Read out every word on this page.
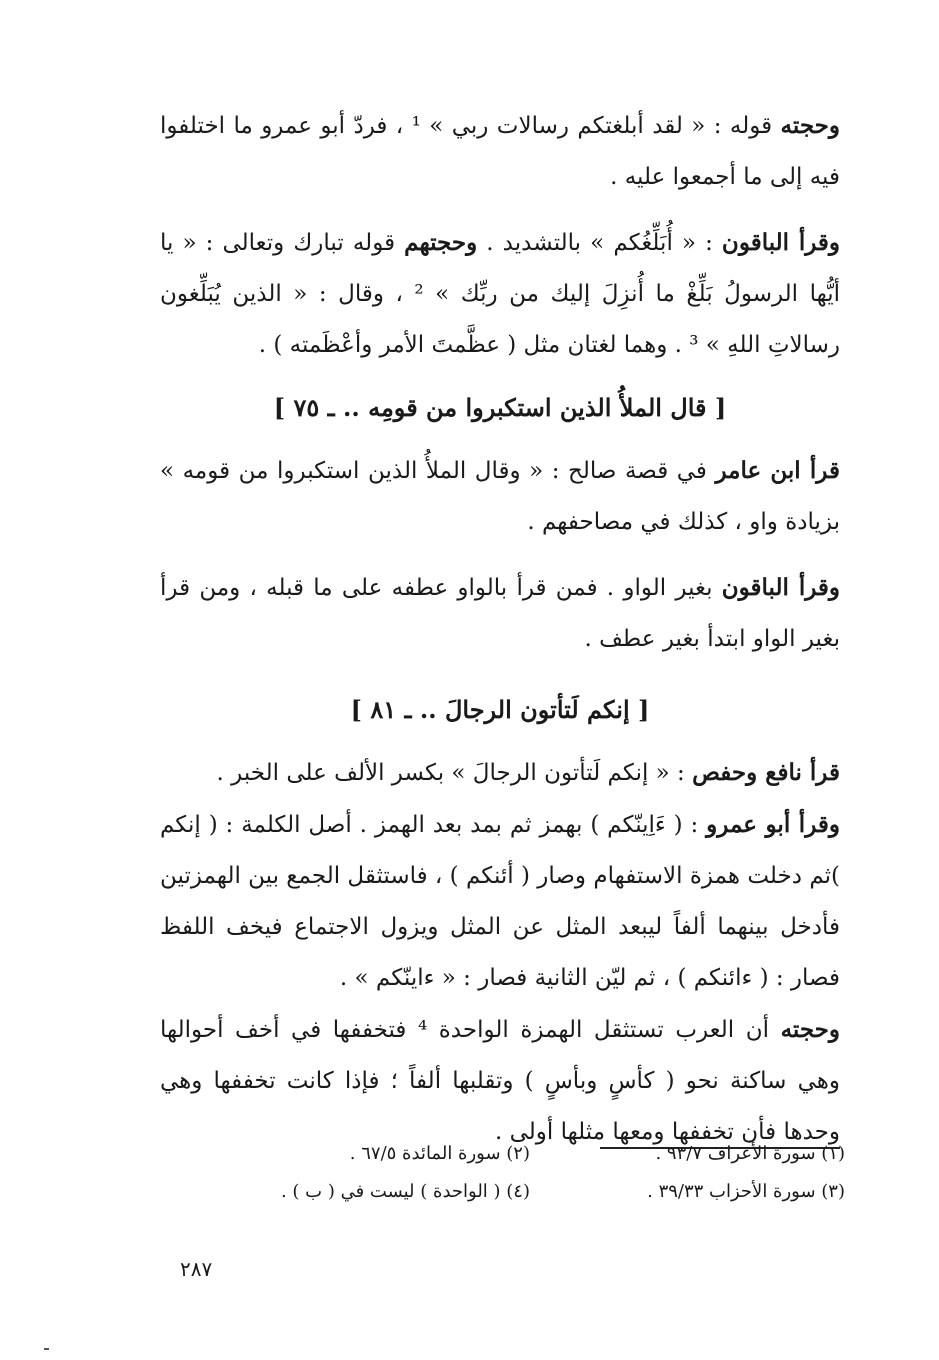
وحجته قوله : « لقد أبلغتكم رسالات ربي » ¹ ، فردّ أبو عمرو ما اختلفوا فيه إلى ما أجمعوا عليه .

وقرأ الباقون : « أُبَلِّغُكم » بالتشديد . وحجتهم قوله تبارك وتعالى : « يا أيُّها الرسولُ بَلِّغْ ما أُنزِلَ إليك من ربِّك » ² ، وقال : « الذين يُبَلِّغون رسالاتِ اللهِ » ³ . وهما لغتان مثل ( عظَّمتَ الأمر وأعْظَمته ) .

[ قال الملأُ الذين استكبروا من قومِه .. ـ ٧٥ ]

قرأ ابن عامر في قصة صالح : « وقال الملأُ الذين استكبروا من قومه » بزيادة واو ، كذلك في مصاحفهم .

وقرأ الباقون بغير الواو . فمن قرأ بالواو عطفه على ما قبله ، ومن قرأ بغير الواو ابتدأ بغير عطف .

[ إنكم لَتأتون الرجالَ .. ـ ٨١ ]

قرأ نافع وحفص : « إنكم لَتأتون الرجالَ » بكسر الألف على الخبر .

وقرأ أبو عمرو : ( ءَاِينّكم ) بهمز ثم بمد بعد الهمز . أصل الكلمة : ( إنكم )ثم دخلت همزة الاستفهام وصار ( أئنكم ) ، فاستثقل الجمع بين الهمزتين فأدخل بينهما ألفاً ليبعد المثل عن المثل ويزول الاجتماع فيخف اللفظ فصار : ( ءائنكم ) ، ثم ليّن الثانية فصار : « ءاينّكم » .
وحجته أن العرب تستثقل الهمزة الواحدة ⁴ فتخففها في أخف أحوالها وهي ساكنة نحو ( كأسٍ وبأسٍ ) وتقلبها ألفاً ؛ فإذا كانت تخففها وهي وحدها فأن تخففها ومعها مثلها أولى .

(١) سورة الأعراف ٩٣/٧ .
(٢) سورة المائدة ٦٧/٥ .
(٣) سورة الأحزاب ٣٩/٣٣ .
(٤) ( الواحدة ) ليست في ( ب ) .
٢٨٧
